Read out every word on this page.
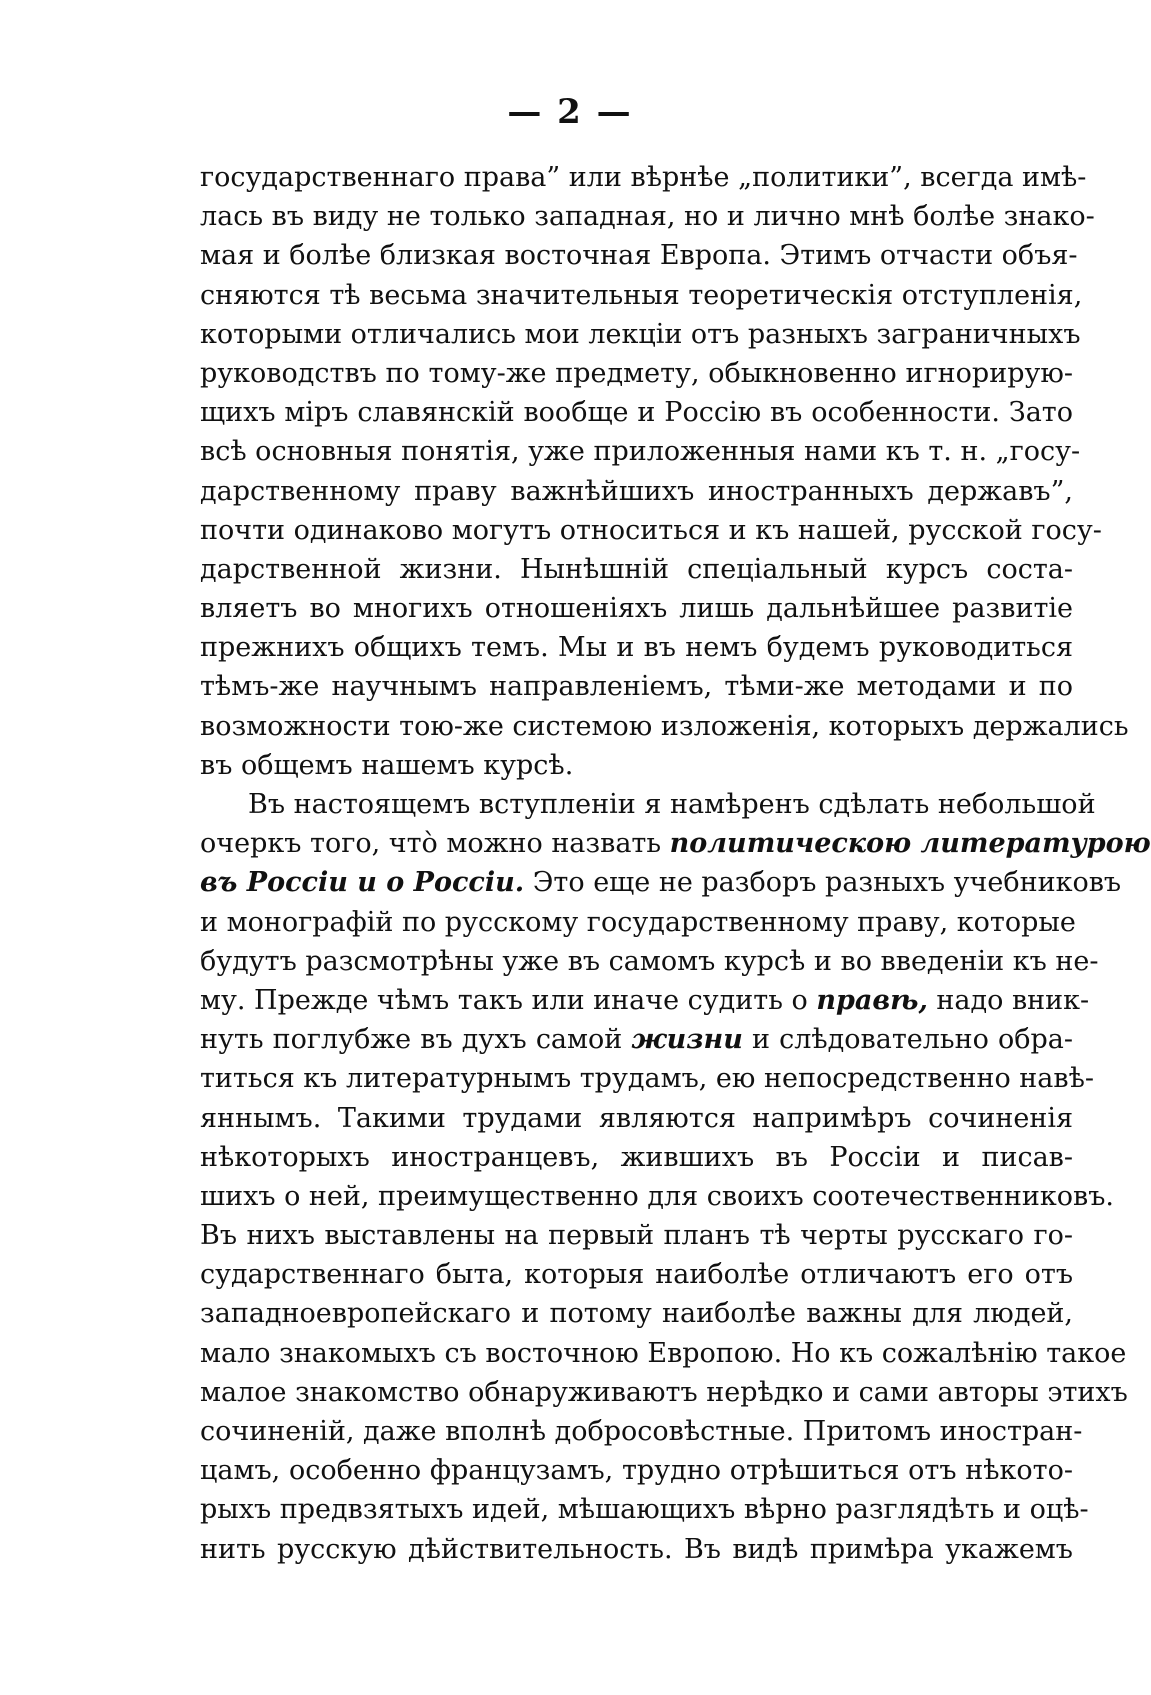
— 2 —
государственнаго права” или вѣрнѣе „политики”, всегда имѣ-
лась въ виду не только западная, но и лично мнѣ болѣе знако-
мая и болѣе близкая восточная Европа. Этимъ отчасти объя-
сняются тѣ весьма значительныя теоретическія отступленія,
которыми отличались мои лекціи отъ разныхъ заграничныхъ
руководствъ по тому-же предмету, обыкновенно игнорирую-
щихъ міръ славянскій вообще и Россію въ особенности. Зато
всѣ основныя понятія, уже приложенныя нами къ т. н. „госу-
дарственному праву важнѣйшихъ иностранныхъ державъ”,
почти одинаково могутъ относиться и къ нашей, русской госу-
дарственной жизни. Нынѣшній спеціальный курсъ соста-
вляетъ во многихъ отношеніяхъ лишь дальнѣйшее развитіе
прежнихъ общихъ темъ. Мы и въ немъ будемъ руководиться
тѣмъ-же научнымъ направленіемъ, тѣми-же методами и по
возможности тою-же системою изложенія, которыхъ держались
въ общемъ нашемъ курсѣ.
Въ настоящемъ вступленіи я намѣренъ сдѣлать небольшой
очеркъ того, что̀ можно назвать политическою литературою
въ Россіи и о Россіи. Это еще не разборъ разныхъ учебниковъ
и монографій по русскому государственному праву, которые
будутъ разсмотрѣны уже въ самомъ курсѣ и во введеніи къ не-
му. Прежде чѣмъ такъ или иначе судить о правѣ, надо вник-
нуть поглубже въ духъ самой жизни и слѣдовательно обра-
титься къ литературнымъ трудамъ, ею непосредственно навѣ-
яннымъ. Такими трудами являются напримѣръ сочиненія
нѣкоторыхъ иностранцевъ, жившихъ въ Россіи и писав-
шихъ о ней, преимущественно для своихъ соотечественниковъ.
Въ нихъ выставлены на первый планъ тѣ черты русскаго го-
сударственнаго быта, которыя наиболѣе отличаютъ его отъ
западноевропейскаго и потому наиболѣе важны для людей,
мало знакомыхъ съ восточною Европою. Но къ сожалѣнію такое
малое знакомство обнаруживаютъ нерѣдко и сами авторы этихъ
сочиненій, даже вполнѣ добросовѣстные. Притомъ иностран-
цамъ, особенно французамъ, трудно отрѣшиться отъ нѣкото-
рыхъ предвзятыхъ идей, мѣшающихъ вѣрно разглядѣть и оцѣ-
нить русскую дѣйствительность. Въ видѣ примѣра укажемъ
